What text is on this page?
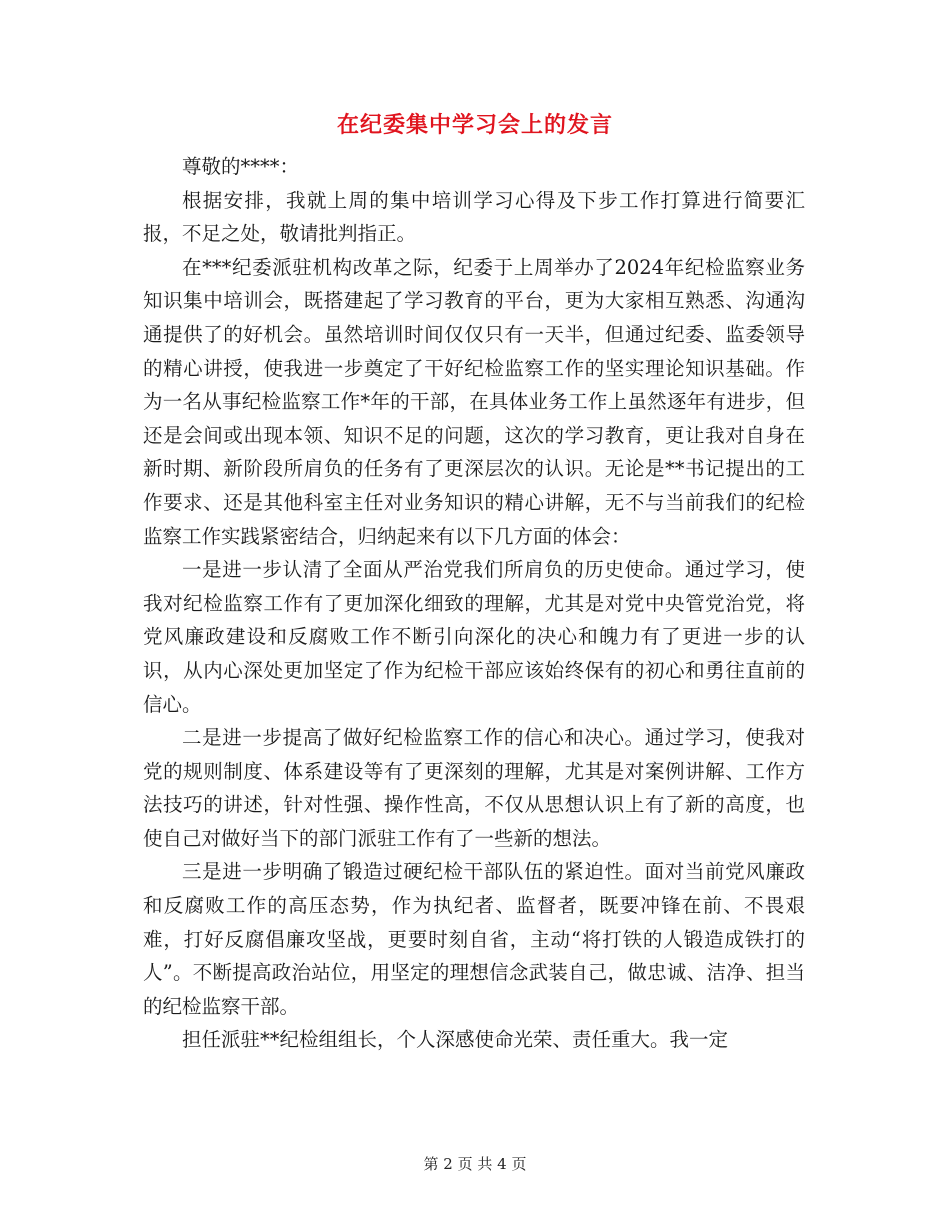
在纪委集中学习会上的发言

尊敬的****：

根据安排，我就上周的集中培训学习心得及下步工作打算进行简要汇报，不足之处，敬请批判指正。

在***纪委派驻机构改革之际，纪委于上周举办了2024年纪检监察业务知识集中培训会，既搭建起了学习教育的平台，更为大家相互熟悉、沟通沟通提供了的好机会。虽然培训时间仅仅只有一天半，但通过纪委、监委领导的精心讲授，使我进一步奠定了干好纪检监察工作的坚实理论知识基础。作为一名从事纪检监察工作*年的干部，在具体业务工作上虽然逐年有进步，但还是会间或出现本领、知识不足的问题，这次的学习教育，更让我对自身在新时期、新阶段所肩负的任务有了更深层次的认识。无论是**书记提出的工作要求、还是其他科室主任对业务知识的精心讲解，无不与当前我们的纪检监察工作实践紧密结合，归纳起来有以下几方面的体会：

一是进一步认清了全面从严治党我们所肩负的历史使命。通过学习，使我对纪检监察工作有了更加深化细致的理解，尤其是对党中央管党治党，将党风廉政建设和反腐败工作不断引向深化的决心和魄力有了更进一步的认识，从内心深处更加坚定了作为纪检干部应该始终保有的初心和勇往直前的信心。

二是进一步提高了做好纪检监察工作的信心和决心。通过学习，使我对党的规则制度、体系建设等有了更深刻的理解，尤其是对案例讲解、工作方法技巧的讲述，针对性强、操作性高，不仅从思想认识上有了新的高度，也使自己对做好当下的部门派驻工作有了一些新的想法。

三是进一步明确了锻造过硬纪检干部队伍的紧迫性。面对当前党风廉政和反腐败工作的高压态势，作为执纪者、监督者，既要冲锋在前、不畏艰难，打好反腐倡廉攻坚战，更要时刻自省，主动“将打铁的人锻造成铁打的人”。不断提高政治站位，用坚定的理想信念武装自己，做忠诚、洁净、担当的纪检监察干部。

担任派驻**纪检组组长，个人深感使命光荣、责任重大。我一定

第 2 页 共 4 页
